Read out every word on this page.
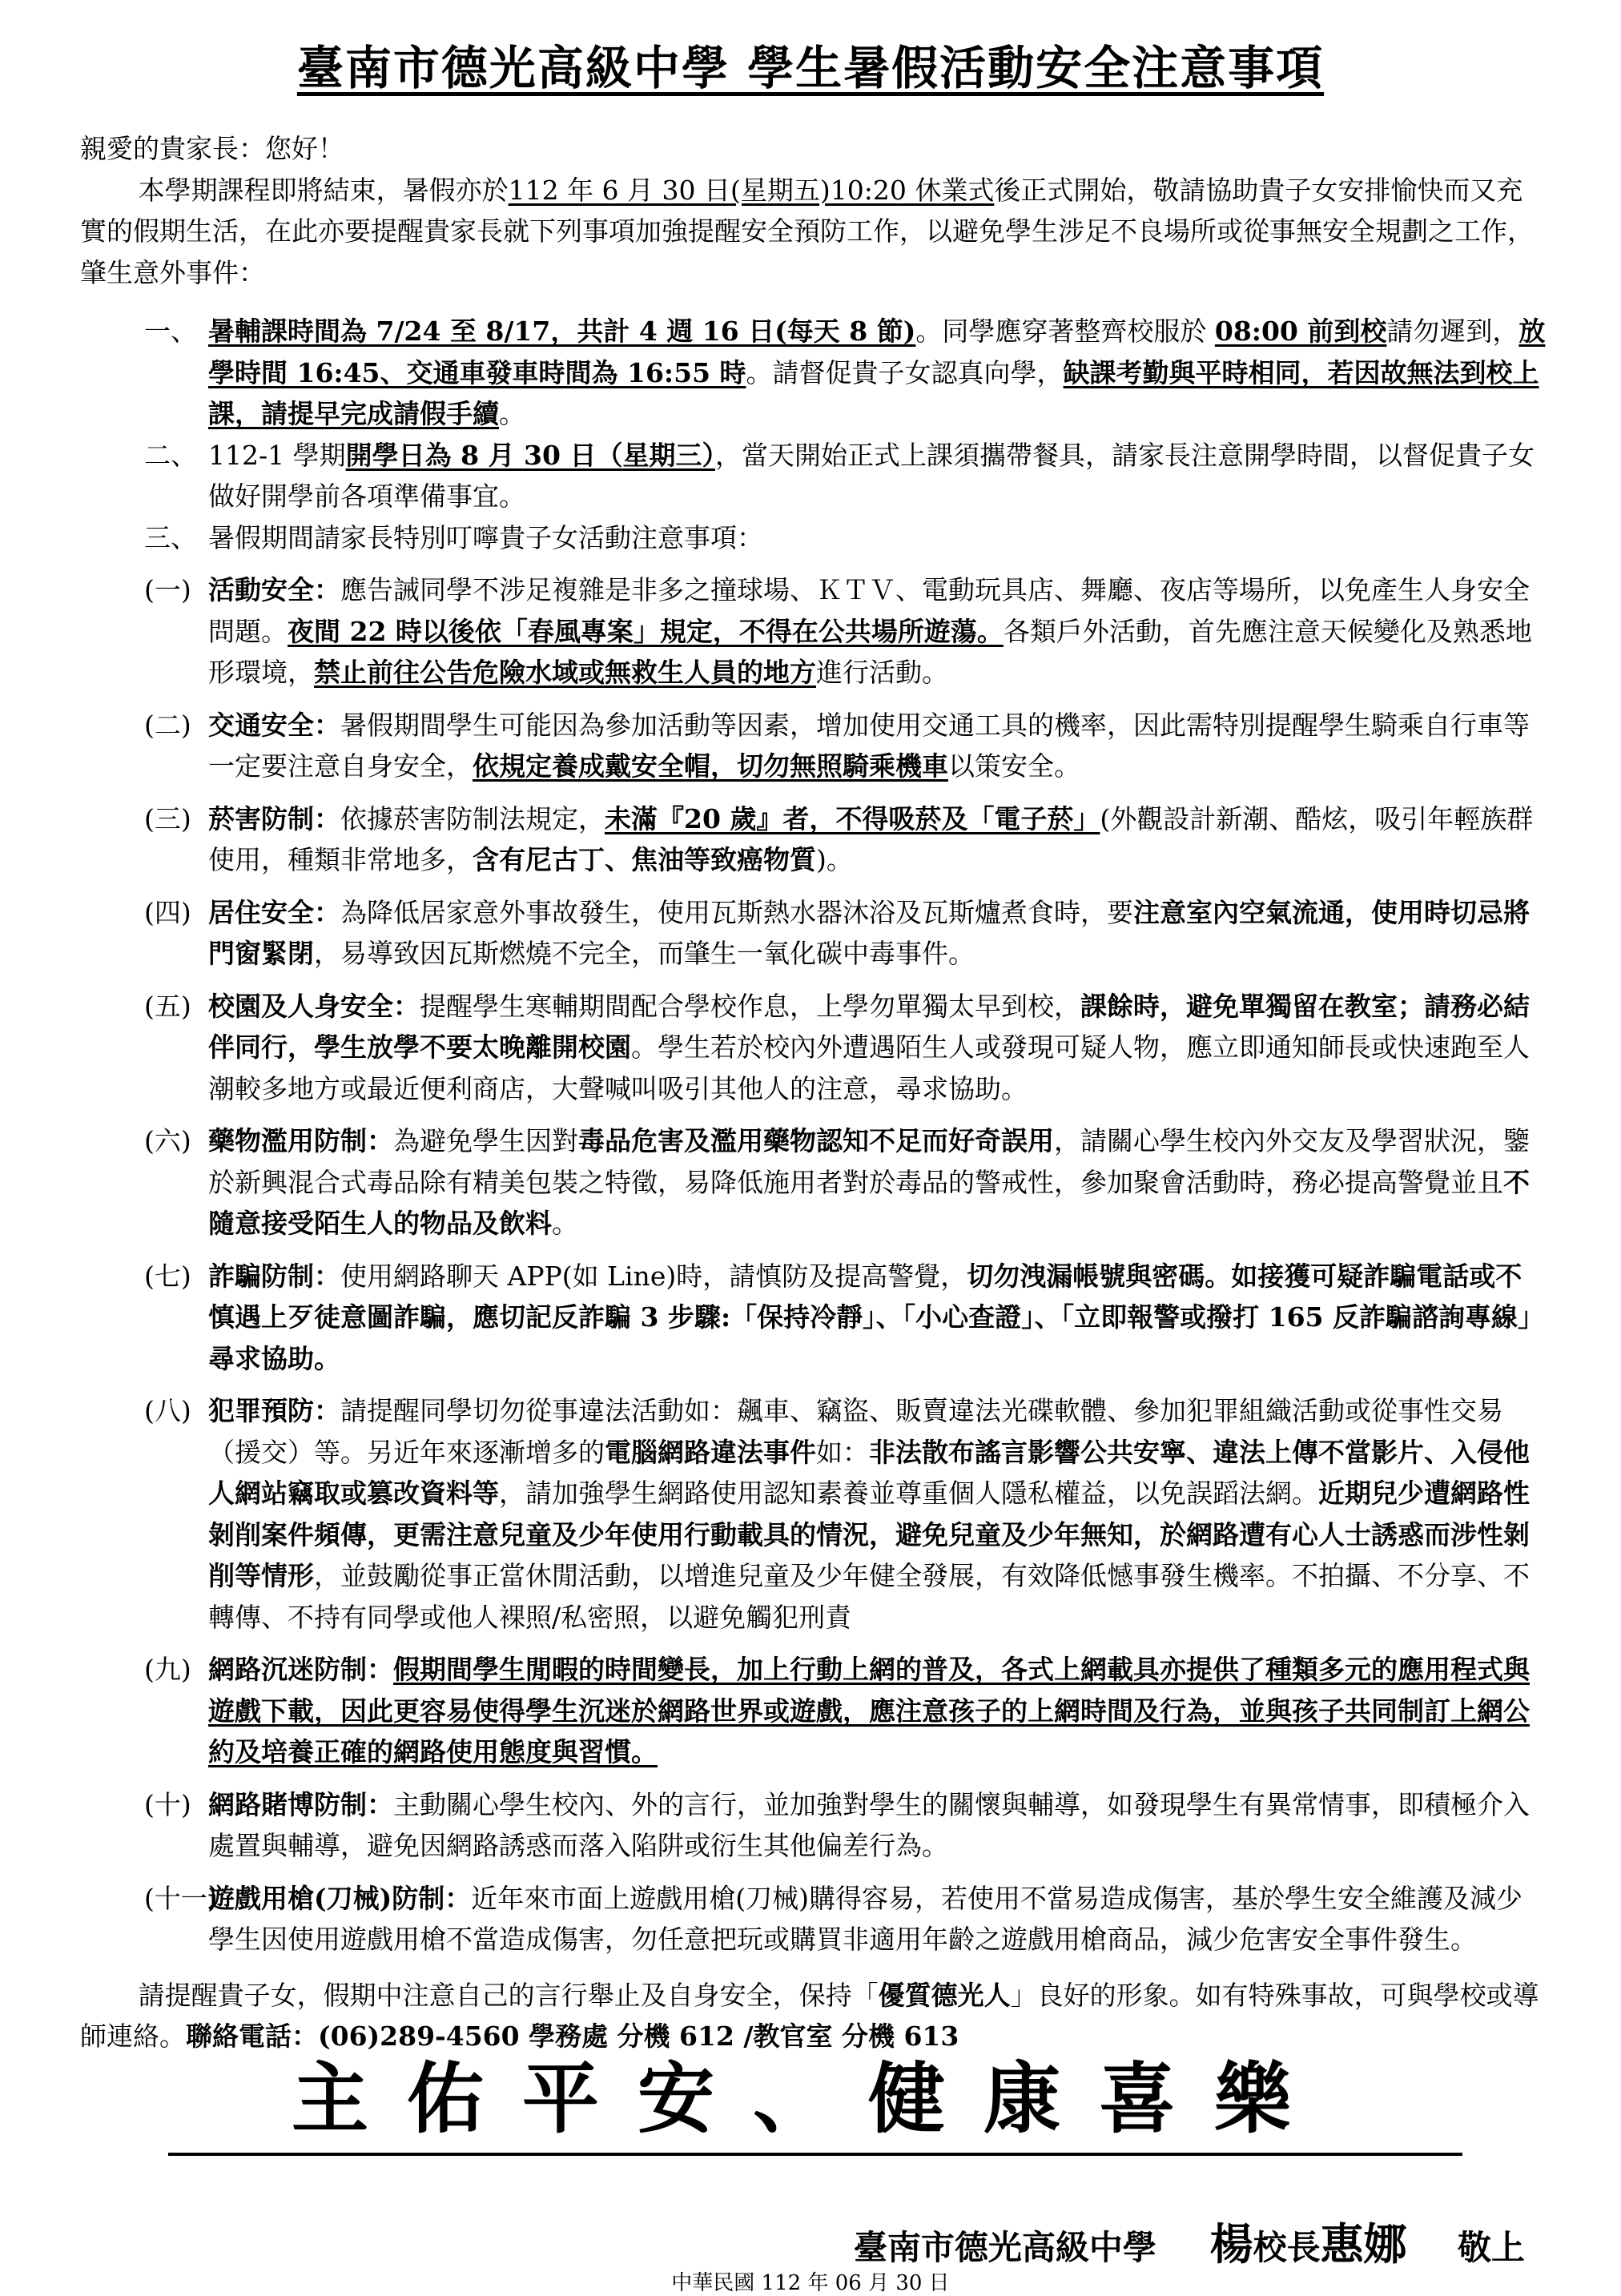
臺南市德光高級中學 學生暑假活動安全注意事項

親愛的貴家長：您好！

本學期課程即將結束，暑假亦於112 年 6 月 30 日(星期五)10:20 休業式後正式開始，敬請協助貴子女安排愉快而又充實的假期生活，在此亦要提醒貴家長就下列事項加強提醒安全預防工作，以避免學生涉足不良場所或從事無安全規劃之工作，肇生意外事件：

一、 暑輔課時間為 7/24 至 8/17，共計 4 週 16 日(每天 8 節)。同學應穿著整齊校服於 08:00 前到校請勿遲到，放學時間 16:45、交通車發車時間為 16:55 時。請督促貴子女認真向學，缺課考勤與平時相同，若因故無法到校上課，請提早完成請假手續。
二、 112-1 學期開學日為 8 月 30 日（星期三），當天開始正式上課須攜帶餐具，請家長注意開學時間，以督促貴子女做好開學前各項準備事宜。
三、 暑假期間請家長特別叮嚀貴子女活動注意事項：
(一) 活動安全：應告誡同學不涉足複雜是非多之撞球場、ＫＴＶ、電動玩具店、舞廳、夜店等場所，以免產生人身安全問題。夜間 22 時以後依「春風專案」規定，不得在公共場所遊蕩。各類戶外活動，首先應注意天候變化及熟悉地形環境，禁止前往公告危險水域或無救生人員的地方進行活動。
(二) 交通安全：暑假期間學生可能因為參加活動等因素，增加使用交通工具的機率，因此需特別提醒學生騎乘自行車等一定要注意自身安全，依規定養成戴安全帽，切勿無照騎乘機車以策安全。
(三) 菸害防制：依據菸害防制法規定，未滿『20 歲』者，不得吸菸及「電子菸」(外觀設計新潮、酷炫，吸引年輕族群使用，種類非常地多，含有尼古丁、焦油等致癌物質)。
(四) 居住安全：為降低居家意外事故發生，使用瓦斯熱水器沐浴及瓦斯爐煮食時，要注意室內空氣流通，使用時切忌將門窗緊閉，易導致因瓦斯燃燒不完全，而肇生一氧化碳中毒事件。
(五) 校園及人身安全：提醒學生寒輔期間配合學校作息，上學勿單獨太早到校，課餘時，避免單獨留在教室；請務必結伴同行，學生放學不要太晚離開校園。學生若於校內外遭遇陌生人或發現可疑人物，應立即通知師長或快速跑至人潮較多地方或最近便利商店，大聲喊叫吸引其他人的注意，尋求協助。
(六) 藥物濫用防制：為避免學生因對毒品危害及濫用藥物認知不足而好奇誤用，請關心學生校內外交友及學習狀況，鑒於新興混合式毒品除有精美包裝之特徵，易降低施用者對於毒品的警戒性，參加聚會活動時，務必提高警覺並且不隨意接受陌生人的物品及飲料。
(七) 詐騙防制：使用網路聊天 APP(如 Line)時，請慎防及提高警覺，切勿洩漏帳號與密碼。如接獲可疑詐騙電話或不慎遇上歹徒意圖詐騙，應切記反詐騙 3 步驟:「保持冷靜」、「小心查證」、「立即報警或撥打 165 反詐騙諮詢專線」尋求協助。
(八) 犯罪預防：請提醒同學切勿從事違法活動如：飆車、竊盜、販賣違法光碟軟體、參加犯罪組織活動或從事性交易（援交）等。另近年來逐漸增多的電腦網路違法事件如：非法散布謠言影響公共安寧、違法上傳不當影片、入侵他人網站竊取或篡改資料等，請加強學生網路使用認知素養並尊重個人隱私權益，以免誤蹈法網。近期兒少遭網路性剝削案件頻傳，更需注意兒童及少年使用行動載具的情況，避免兒童及少年無知，於網路遭有心人士誘惑而涉性剝削等情形，並鼓勵從事正當休閒活動，以增進兒童及少年健全發展，有效降低憾事發生機率。不拍攝、不分享、不轉傳、不持有同學或他人裸照/私密照，以避免觸犯刑責
(九) 網路沉迷防制：假期間學生閒暇的時間變長，加上行動上網的普及，各式上網載具亦提供了種類多元的應用程式與遊戲下載，因此更容易使得學生沉迷於網路世界或遊戲，應注意孩子的上網時間及行為，並與孩子共同制訂上網公約及培養正確的網路使用態度與習慣。
(十) 網路賭博防制：主動關心學生校內、外的言行，並加強對學生的關懷與輔導，如發現學生有異常情事，即積極介入處置與輔導，避免因網路誘惑而落入陷阱或衍生其他偏差行為。
(十一)
遊戲用槍(刀械)防制：近年來市面上遊戲用槍(刀械)購得容易，若使用不當易造成傷害，基於學生安全維護及減少學生因使用遊戲用槍不當造成傷害，勿任意把玩或購買非適用年齡之遊戲用槍商品，減少危害安全事件發生。

請提醒貴子女，假期中注意自己的言行舉止及自身安全，保持「優質德光人」良好的形象。如有特殊事故，可與學校或導師連絡。聯絡電話：(06)289-4560 學務處 分機 612 /教官室 分機 613

主佑平安、健康喜樂
臺南市德光高級中學 楊校長惠娜 敬上
中華民國 112 年 06 月 30 日
